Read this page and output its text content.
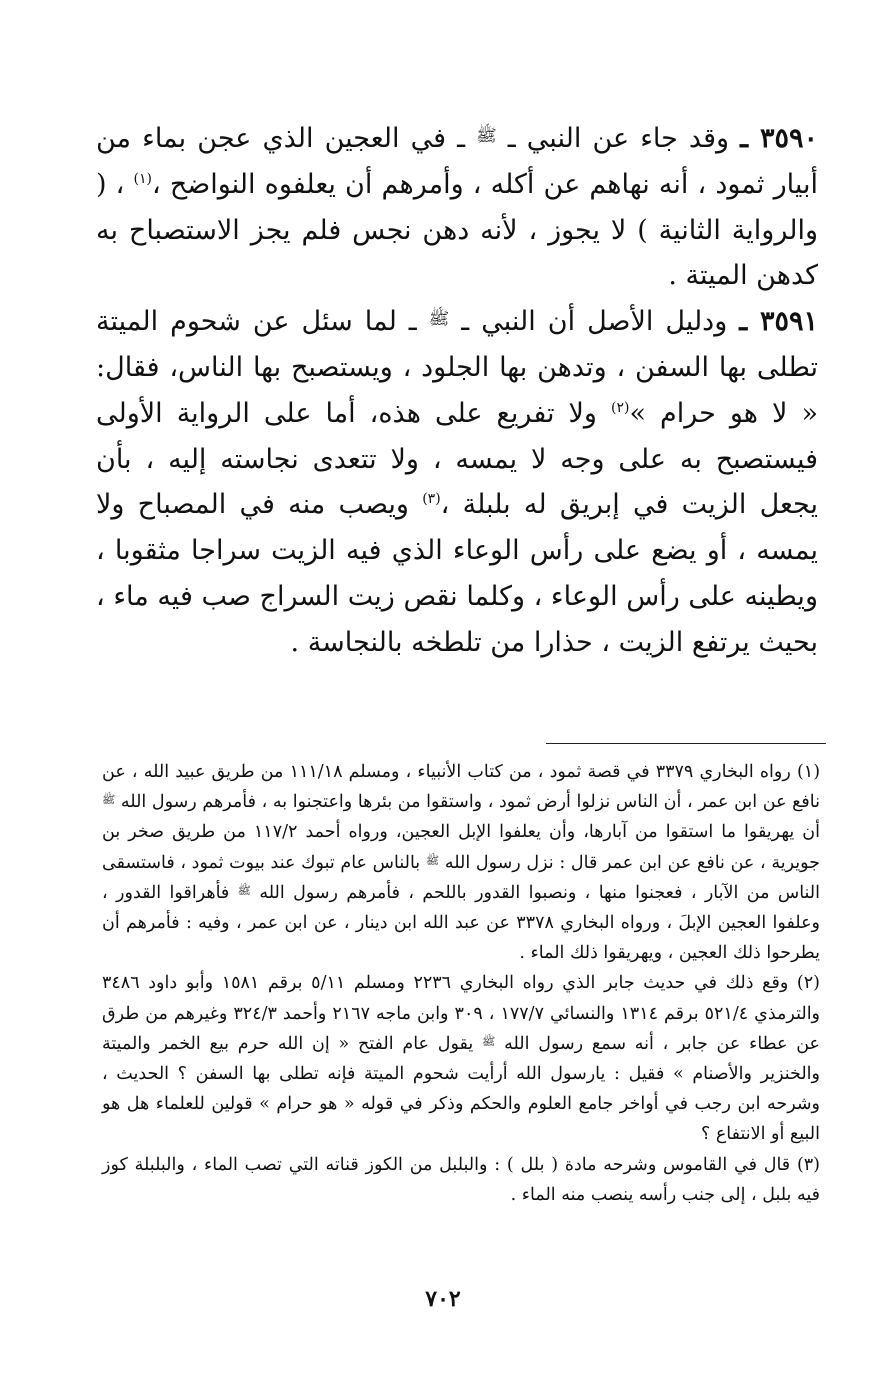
٣٥٩٠ ـ وقد جاء عن النبي ـ $^ﷺ$ ـ في العجين الذي عجن بماء من أبيار ثمود ، أنه نهاهم عن أكله ، وأمرهم أن يعلفوه النواضح ،$^{(١)}$ ، ( والرواية الثانية ) لا يجوز ، لأنه دهن نجس فلم يجز الاستصباح به كدهن الميتة .

٣٥٩١ ـ ودليل الأصل أن النبي ـ $^ﷺ$ ـ لما سئل عن شحوم الميتة تطلى بها السفن ، وتدهن بها الجلود ، ويستصبح بها الناس، فقال: « لا هو حرام »$^{(٢)}$ ولا تفريع على هذه، أما على الرواية الأولى فيستصبح به على وجه لا يمسه ، ولا تتعدى نجاسته إليه ، بأن يجعل الزيت في إبريق له بلبلة ،$^{(٣)}$ ويصب منه في المصباح ولا يمسه ، أو يضع على رأس الوعاء الذي فيه الزيت سراجا مثقوبا ، ويطينه على رأس الوعاء ، وكلما نقص زيت السراج صب فيه ماء ، بحيث يرتفع الزيت ، حذارا من تلطخه بالنجاسة .

(١) رواه البخاري ٣٣٧٩ في قصة ثمود ، من كتاب الأنبياء ، ومسلم ١١١/١٨ من طريق عبيد الله ، عن نافع عن ابن عمر ، أن الناس نزلوا أرض ثمود ، واستقوا من بئرها واعتجنوا به ، فأمرهم رسول الله $^ﷺ$ أن يهريقوا ما استقوا من آبارها، وأن يعلفوا الإبل العجين، ورواه أحمد ١١٧/٢ من طريق صخر بن جويرية ، عن نافع عن ابن عمر قال : نزل رسول الله $^ﷺ$ بالناس عام تبوك عند بيوت ثمود ، فاستسقى الناس من الآبار ، فعجنوا منها ، ونصبوا القدور باللحم ، فأمرهم رسول الله $^ﷺ$ فأهراقوا القدور ، وعلفوا العجين الإبلَ ، ورواه البخاري ٣٣٧٨ عن عبد الله ابن دينار ، عن ابن عمر ، وفيه : فأمرهم أن يطرحوا ذلك العجين ، ويهريقوا ذلك الماء .

(٢) وقع ذلك في حديث جابر الذي رواه البخاري ٢٢٣٦ ومسلم ٥/١١ برقم ١٥٨١ وأبو داود ٣٤٨٦ والترمذي ٥٢١/٤ برقم ١٣١٤ والنسائي ١٧٧/٧ ، ٣٠٩ وابن ماجه ٢١٦٧ وأحمد ٣٢٤/٣ وغيرهم من طرق عن عطاء عن جابر ، أنه سمع رسول الله $^ﷺ$ يقول عام الفتح « إن الله حرم بيع الخمر والميتة والخنزير والأصنام » فقيل : يارسول الله أرأيت شحوم الميتة فإنه تطلى بها السفن ؟ الحديث ، وشرحه ابن رجب في أواخر جامع العلوم والحكم وذكر في قوله « هو حرام » قولين للعلماء هل هو البيع أو الانتفاع ؟

(٣) قال في القاموس وشرحه مادة ( بلل ) : والبلبل من الكوز قناته التي تصب الماء ، والبلبلة كوز فيه بلبل ، إلى جنب رأسه ينصب منه الماء .

٧٠٢
